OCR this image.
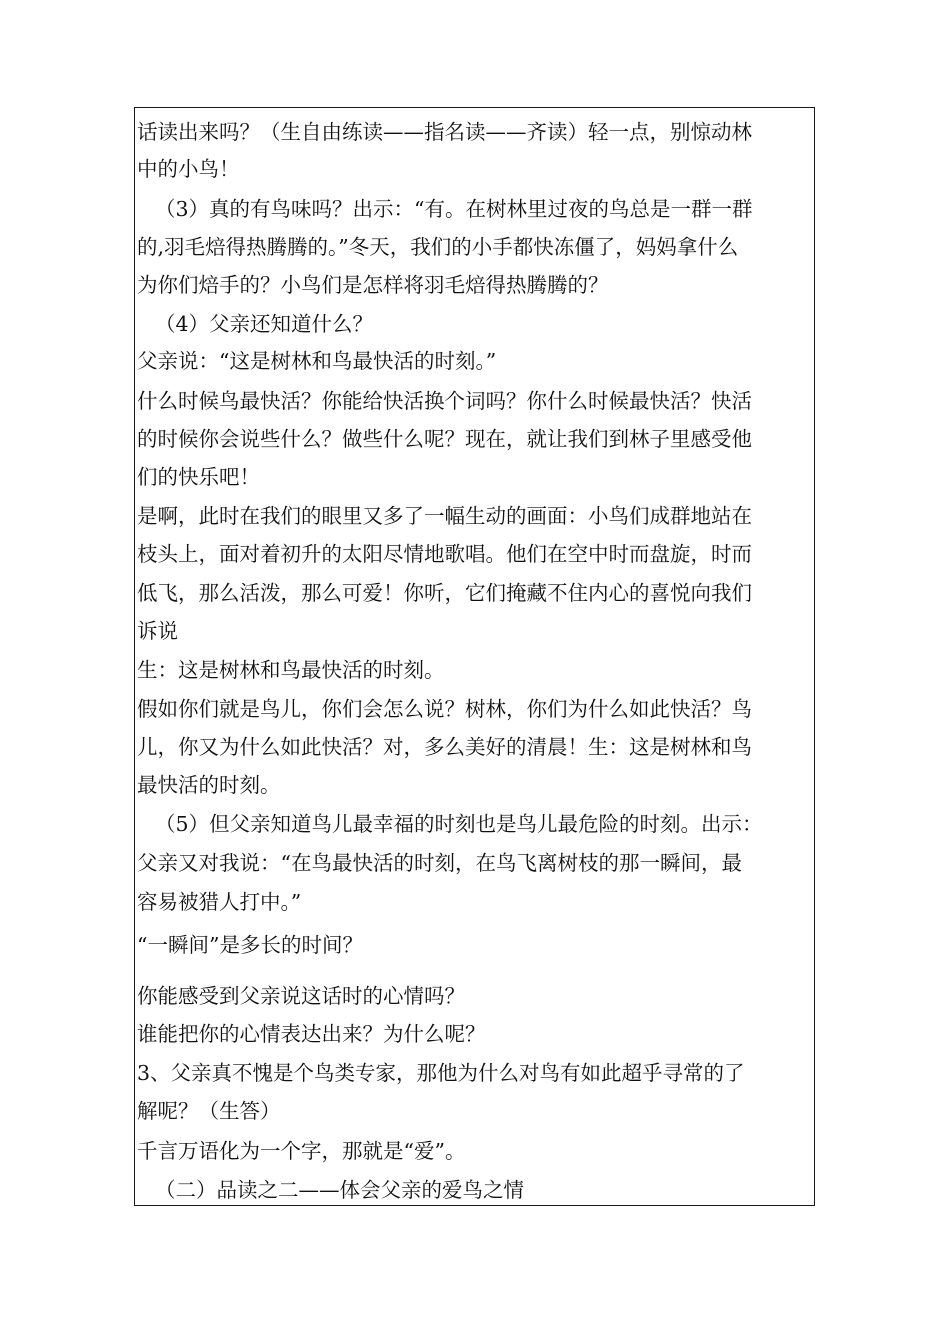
话读出来吗？（生自由练读——指名读——齐读）轻一点，别惊动林
中的小鸟！
（3）真的有鸟味吗？出示：“有。在树林里过夜的鸟总是一群一群
的,羽毛焙得热腾腾的。”冬天，我们的小手都快冻僵了，妈妈拿什么
为你们焙手的？小鸟们是怎样将羽毛焙得热腾腾的？
（4）父亲还知道什么？
父亲说：“这是树林和鸟最快活的时刻。”
什么时候鸟最快活？你能给快活换个词吗？你什么时候最快活？快活
的时候你会说些什么？做些什么呢？现在，就让我们到林子里感受他
们的快乐吧！
是啊，此时在我们的眼里又多了一幅生动的画面：小鸟们成群地站在
枝头上，面对着初升的太阳尽情地歌唱。他们在空中时而盘旋，时而
低飞，那么活泼，那么可爱！你听，它们掩藏不住内心的喜悦向我们
诉说
生：这是树林和鸟最快活的时刻。
假如你们就是鸟儿，你们会怎么说？树林，你们为什么如此快活？鸟
儿，你又为什么如此快活？对，多么美好的清晨！生：这是树林和鸟
最快活的时刻。
（5）但父亲知道鸟儿最幸福的时刻也是鸟儿最危险的时刻。出示：
父亲又对我说：“在鸟最快活的时刻，在鸟飞离树枝的那一瞬间，最
容易被猎人打中。”
“一瞬间”是多长的时间？
你能感受到父亲说这话时的心情吗？
谁能把你的心情表达出来？为什么呢？
3、父亲真不愧是个鸟类专家，那他为什么对鸟有如此超乎寻常的了
解呢？（生答）
千言万语化为一个字，那就是“爱”。
（二）品读之二——体会父亲的爱鸟之情
